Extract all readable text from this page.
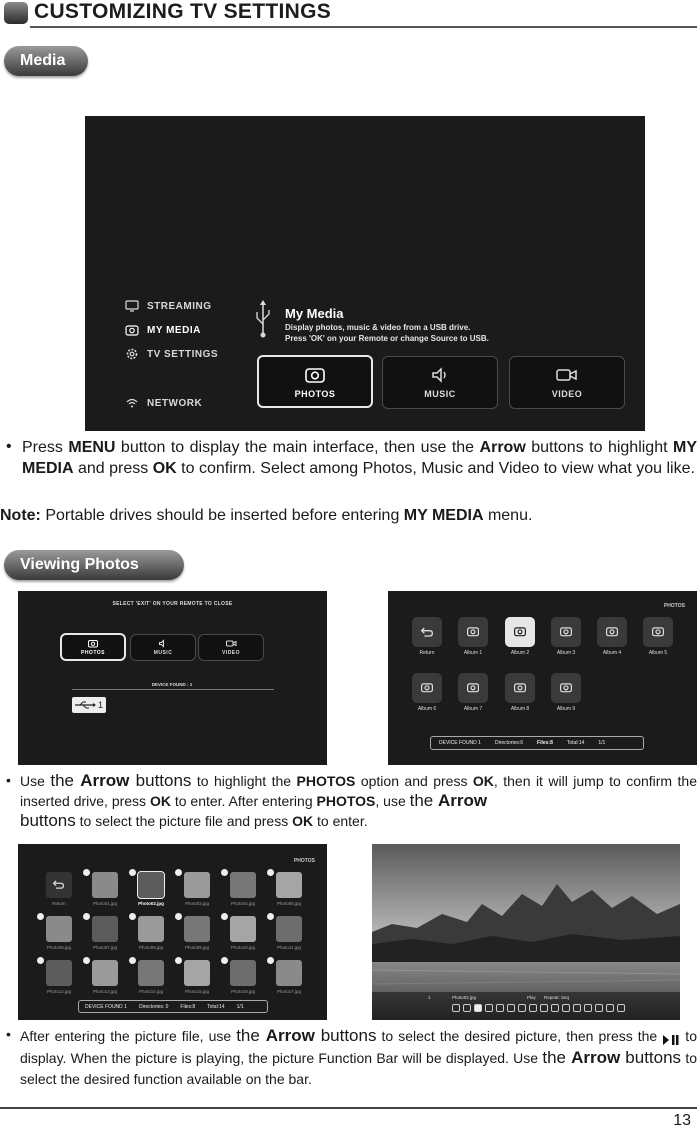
CUSTOMIZING TV SETTINGS
Media
STREAMING
MY MEDIA
TV SETTINGS
NETWORK
My Media
Display photos, music & video from a USB drive.
Press 'OK' on your Remote or change Source to USB.
PHOTOS	MUSIC	VIDEO
• Press MENU button to display the main interface, then use the Arrow buttons to highlight MY MEDIA and press OK to confirm. Select among Photos, Music and Video to view what you like.
Note: Portable drives should be inserted before entering MY MEDIA menu.
Viewing Photos
SELECT 'EXIT' ON YOUR REMOTE TO CLOSE
PHOTOS	MUSIC	VIDEO
DEVICE FOUND : 1
1
PHOTOS
Return	Album 1	Album 2	Album 3	Album 4	Album 5
Album 6	Album 7	Album 8	Album 9
DEVICE FOUND 1	Directories:6	Files:8	Total:14	1/1
• Use the Arrow buttons to highlight the PHOTOS option and press OK, then it will jump to confirm the inserted drive, press OK to enter. After entering PHOTOS, use the Arrow
buttons to select the picture file and press OK to enter.
PHOTOS
Return	Photo01.jpg	Photo02.jpg	Photo03.jpg	Photo04.jpg	Photo05.jpg
Photo06.jpg	Photo07.jpg	Photo08.jpg	Photo09.jpg	Photo10.jpg	Photo11.jpg
Photo12.jpg	Photo13.jpg	Photo14.jpg	Photo15.jpg	Photo16.jpg	Photo17.jpg
DEVICE FOUND 1 Directories: 0 Files:8 Total:14 1/1
1	Photo02.jpg	Play Repeat: Seq
• After entering the picture file, use the Arrow buttons to select the desired picture, then press the  to display. When the picture is playing, the picture Function Bar will be displayed. Use the Arrow buttons to select the desired function available on the bar.
13
